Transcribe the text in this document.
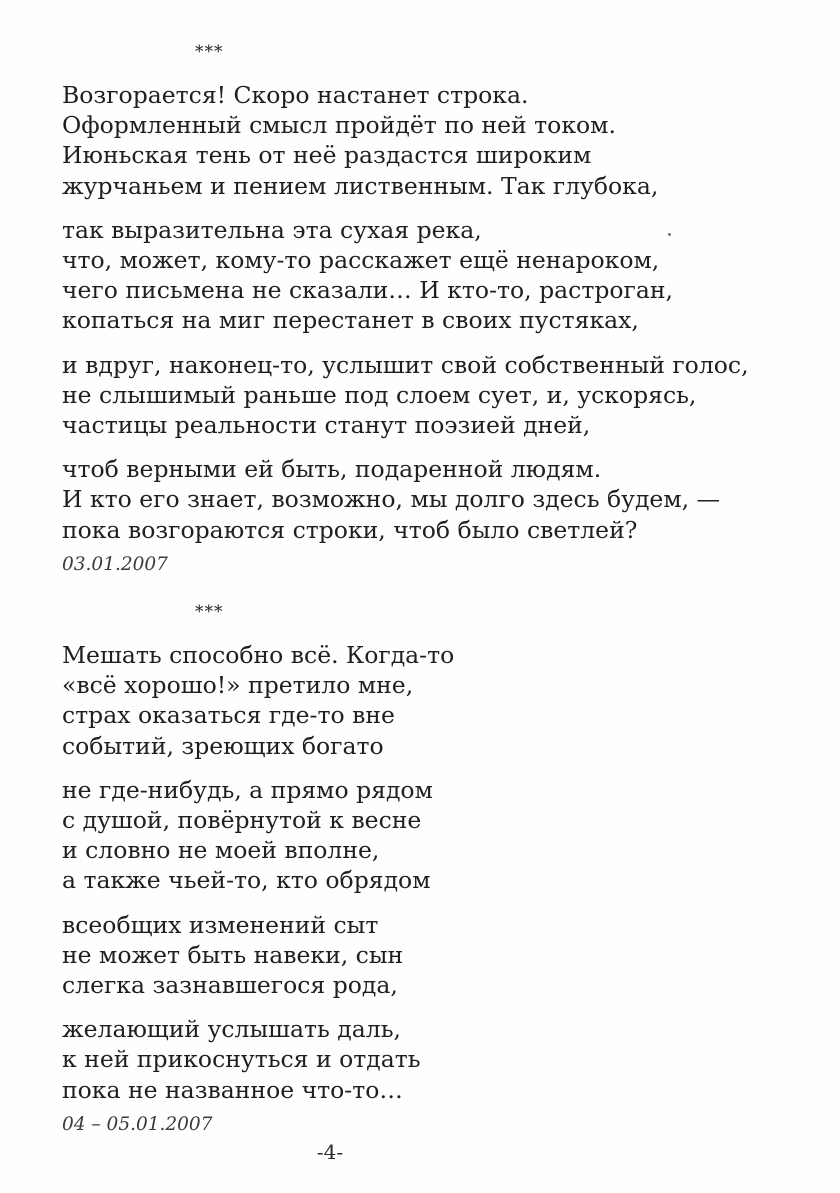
***
Возгорается! Скоро настанет строка.
Оформленный смысл пройдёт по ней током.
Июньская тень от неё раздастся широким
журчаньем и пением лиственным. Так глубока,
так выразительна эта сухая река,
что, может, кому-то расскажет ещё ненароком,
чего письмена не сказали… И кто-то, растроган,
копаться на миг перестанет в своих пустяках,
и вдруг, наконец-то, услышит свой собственный голос,
не слышимый раньше под слоем сует, и, ускорясь,
частицы реальности станут поэзией дней,
чтоб верными ей быть, подаренной людям.
И кто его знает, возможно, мы долго здесь будем, —
пока возгораются строки, чтоб было светлей?
03.01.2007
***
Мешать способно всё. Когда-то
«всё хорошо!» претило мне,
страх оказаться где-то вне
событий, зреющих богато
не где-нибудь, а прямо рядом
с душой, повёрнутой к весне
и словно не моей вполне,
а также чьей-то, кто обрядом
всеобщих изменений сыт
не может быть навеки, сын
слегка зазнавшегося рода,
желающий услышать даль,
к ней прикоснуться и отдать
пока не названное что-то…
04 – 05.01.2007
-4-
